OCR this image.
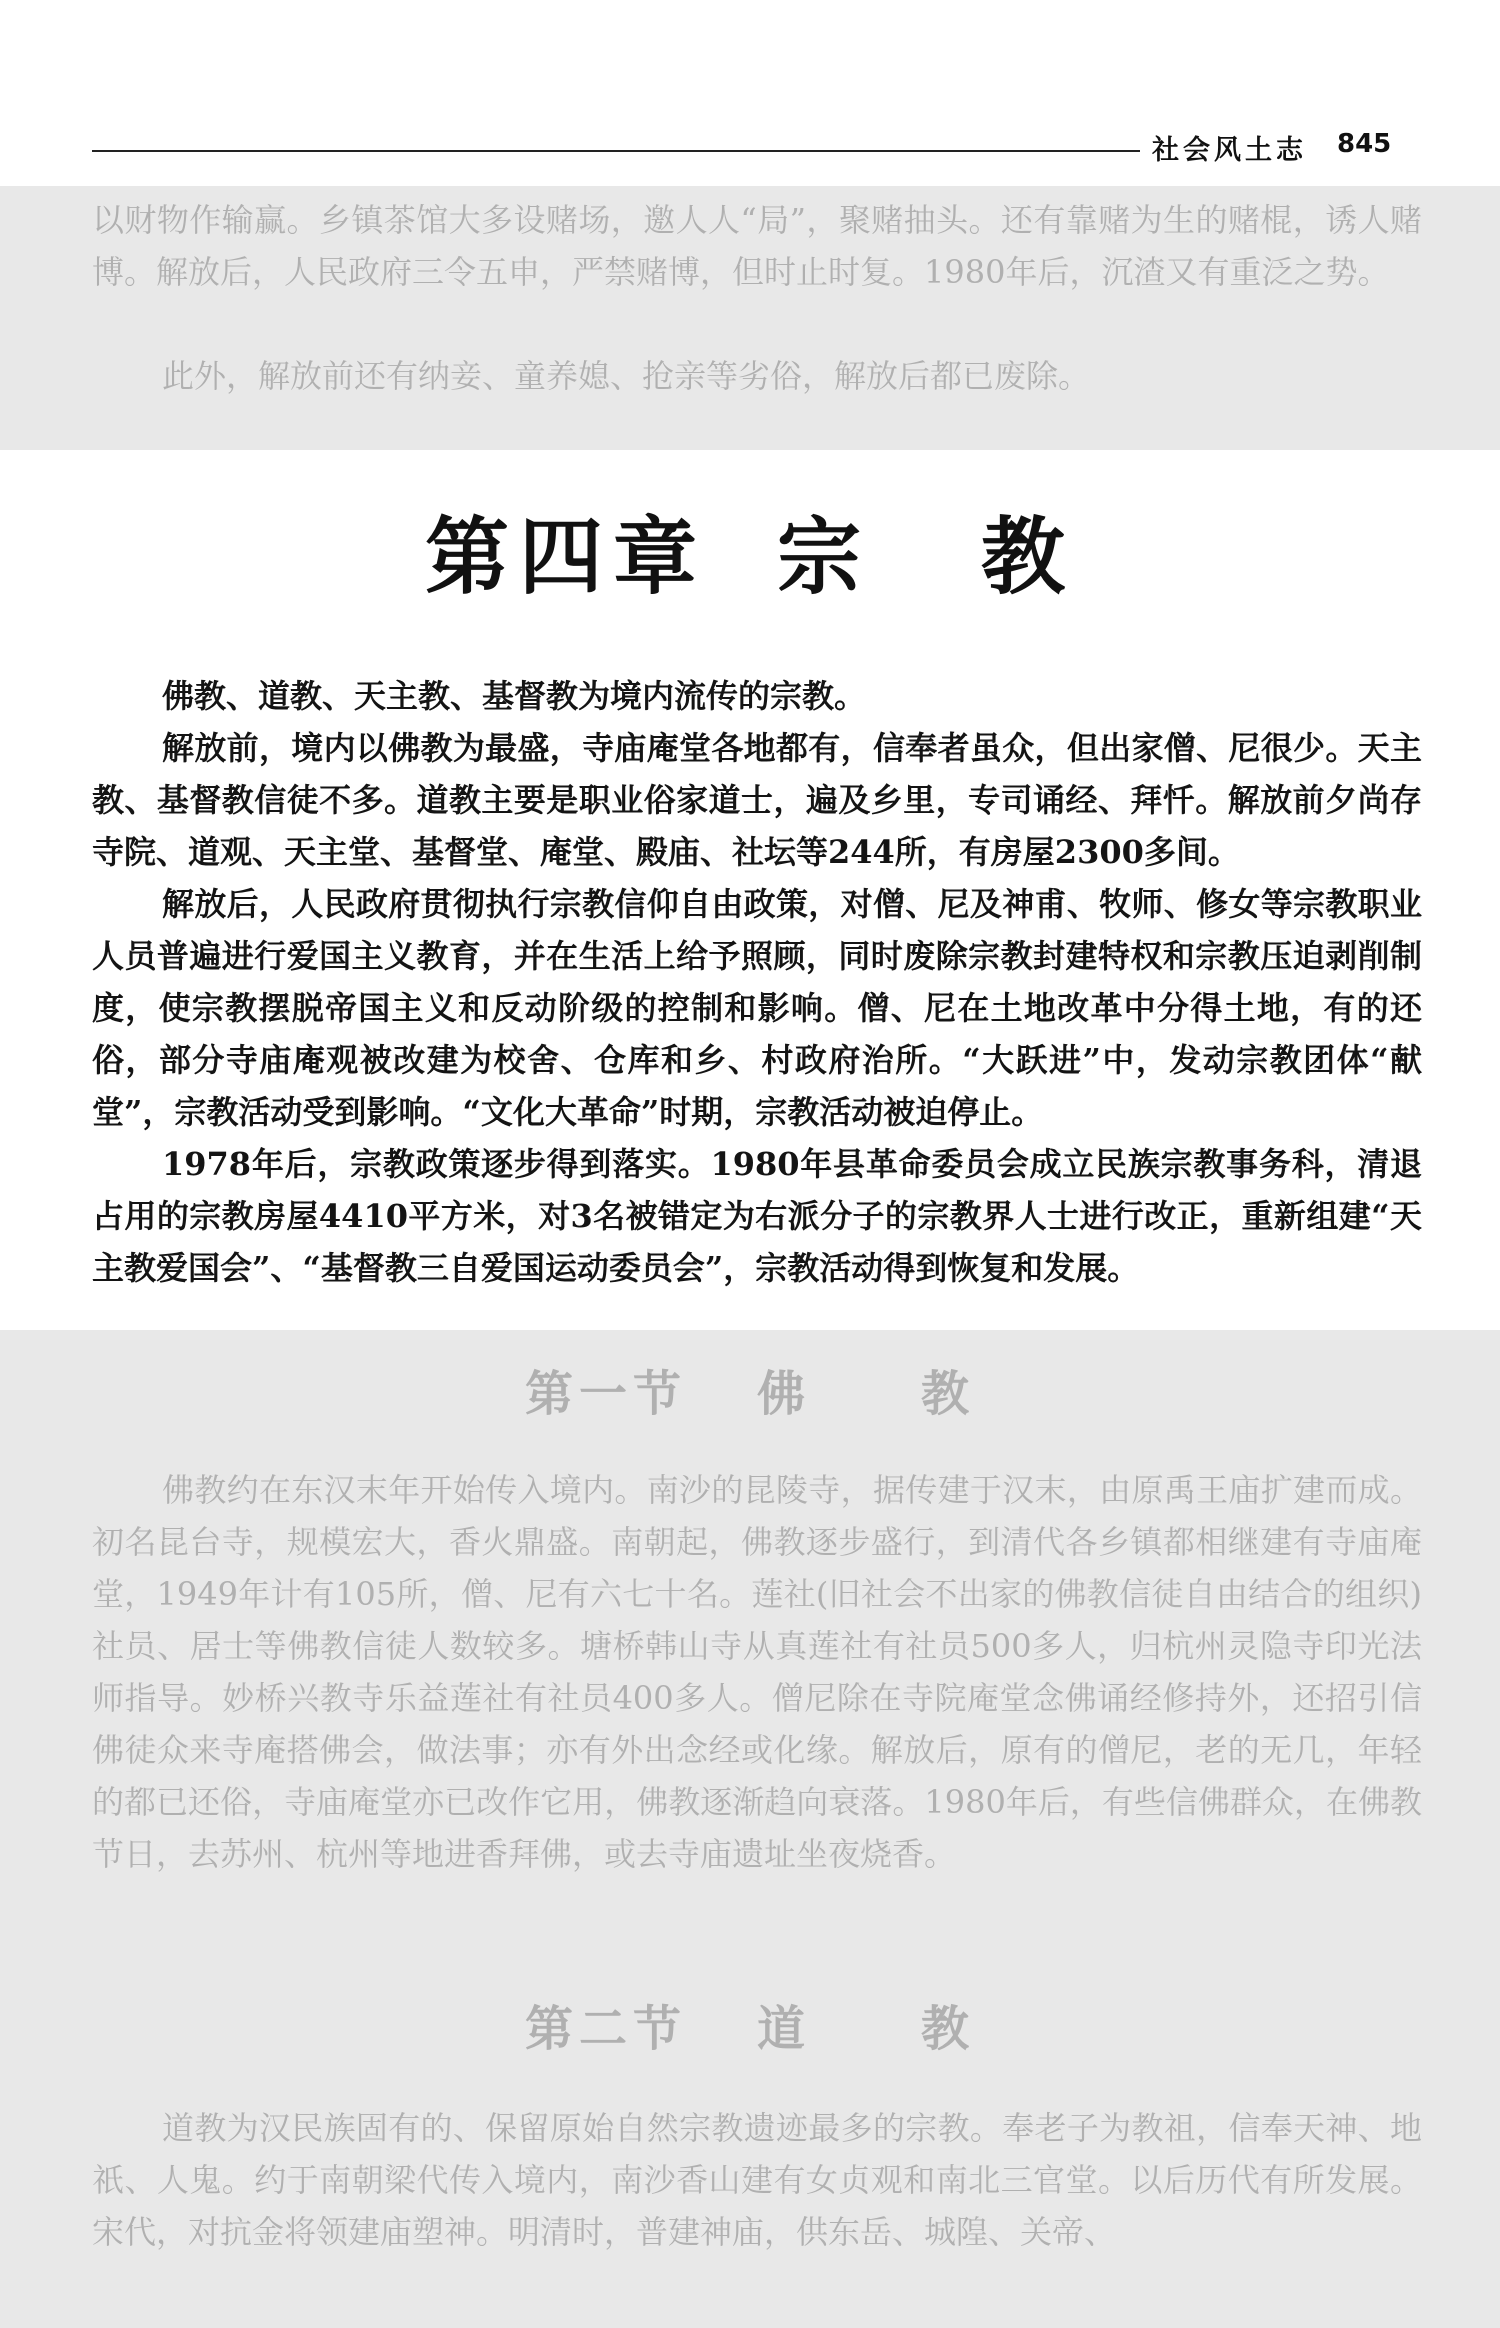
社会风土志 845

以财物作输赢。乡镇茶馆大多设赌场，邀人人“局”，聚赌抽头。还有靠赌为生的赌棍，诱人赌博。解放后，人民政府三令五申，严禁赌博，但时止时复。1980年后，沉渣又有重泛之势。

此外，解放前还有纳妾、童养媳、抢亲等劣俗，解放后都已废除。

第四章 宗 教

佛教、道教、天主教、基督教为境内流传的宗教。

解放前，境内以佛教为最盛，寺庙庵堂各地都有，信奉者虽众，但出家僧、尼很少。天主教、基督教信徒不多。道教主要是职业俗家道士，遍及乡里，专司诵经、拜忏。解放前夕尚存寺院、道观、天主堂、基督堂、庵堂、殿庙、社坛等244所，有房屋2300多间。

解放后，人民政府贯彻执行宗教信仰自由政策，对僧、尼及神甫、牧师、修女等宗教职业人员普遍进行爱国主义教育，并在生活上给予照顾，同时废除宗教封建特权和宗教压迫剥削制度，使宗教摆脱帝国主义和反动阶级的控制和影响。僧、尼在土地改革中分得土地，有的还俗，部分寺庙庵观被改建为校舍、仓库和乡、村政府治所。“大跃进”中，发动宗教团体“献堂”，宗教活动受到影响。“文化大革命”时期，宗教活动被迫停止。

1978年后，宗教政策逐步得到落实。1980年县革命委员会成立民族宗教事务科，清退占用的宗教房屋4410平方米，对3名被错定为右派分子的宗教界人士进行改正，重新组建“天主教爱国会”、“基督教三自爱国运动委员会”，宗教活动得到恢复和发展。

第一节 佛 教

佛教约在东汉末年开始传入境内。南沙的昆陵寺，据传建于汉末，由原禹王庙扩建而成。初名昆台寺，规模宏大，香火鼎盛。南朝起，佛教逐步盛行，到清代各乡镇都相继建有寺庙庵堂，1949年计有105所，僧、尼有六七十名。莲社(旧社会不出家的佛教信徒自由结合的组织)社员、居士等佛教信徒人数较多。塘桥韩山寺从真莲社有社员500多人，归杭州灵隐寺印光法师指导。妙桥兴教寺乐益莲社有社员400多人。僧尼除在寺院庵堂念佛诵经修持外，还招引信佛徒众来寺庵搭佛会，做法事；亦有外出念经或化缘。解放后，原有的僧尼，老的无几，年轻的都已还俗，寺庙庵堂亦已改作它用，佛教逐渐趋向衰落。1980年后，有些信佛群众，在佛教节日，去苏州、杭州等地进香拜佛，或去寺庙遗址坐夜烧香。

第二节 道 教

道教为汉民族固有的、保留原始自然宗教遗迹最多的宗教。奉老子为教祖，信奉天神、地祇、人鬼。约于南朝梁代传入境内，南沙香山建有女贞观和南北三官堂。以后历代有所发展。宋代，对抗金将领建庙塑神。明清时，普建神庙，供东岳、城隍、关帝、
